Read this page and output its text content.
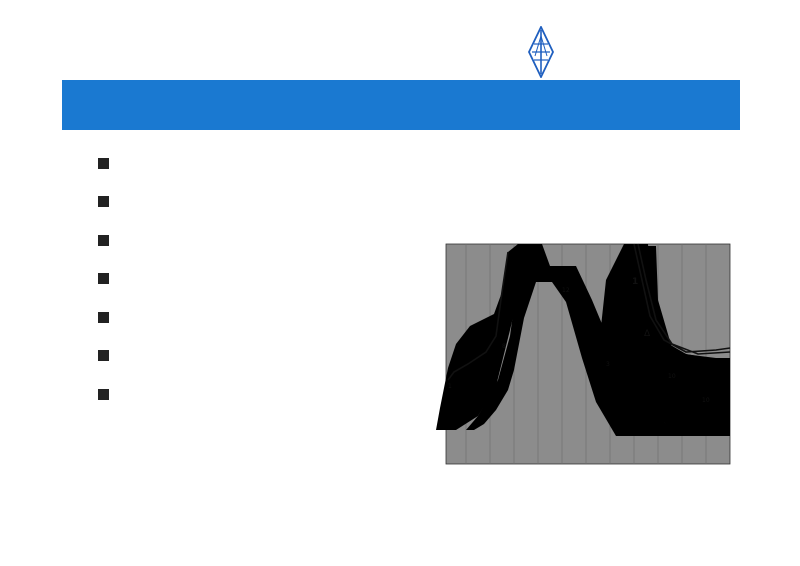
8
1
12
3
10
1
Δ
10
